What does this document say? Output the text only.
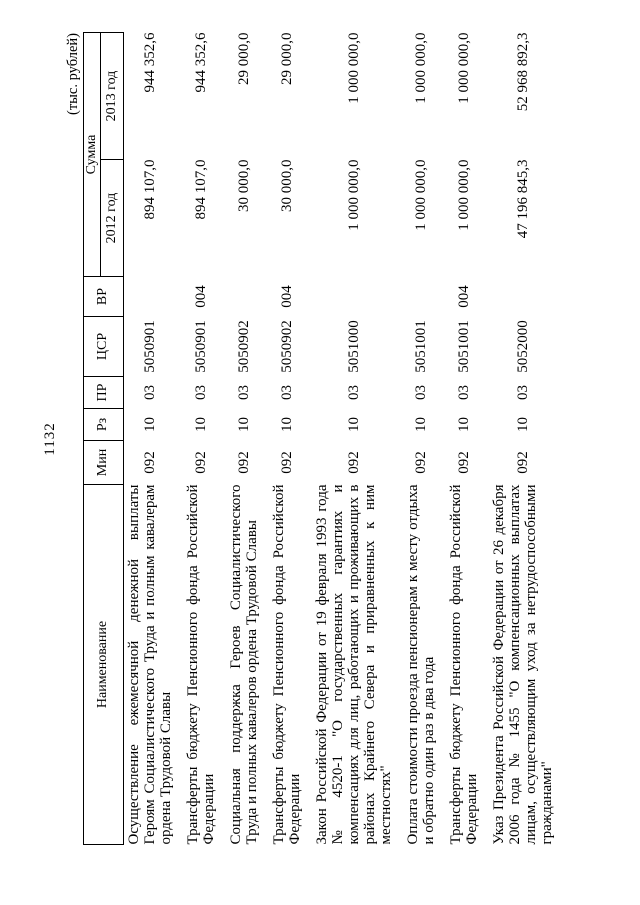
1132
(тыс. рублей)
Наименование	Мин	Рз	ПР	ЦСР	ВР	Сумма	
						2012 год	2013 год
Осуществление ежемесячной денежной выплаты Героям Социалистического Труда и полным кавалерам ордена Трудовой Славы	092	10	03	5050901		894 107,0	944 352,6
Трансферты бюджету Пенсионного фонда Российской Федерации	092	10	03	5050901	004	894 107,0	944 352,6
Социальная поддержка Героев Социалистического Труда и полных кавалеров ордена Трудовой Славы	092	10	03	5050902		30 000,0	29 000,0
Трансферты бюджету Пенсионного фонда Российской Федерации	092	10	03	5050902	004	30 000,0	29 000,0
Закон Российской Федерации от 19 февраля 1993 года № 4520-1 "О государственных гарантиях и компенсациях для лиц, работающих и проживающих в районах Крайнего Севера и приравненных к ним местностях"	092	10	03	5051000		1 000 000,0	1 000 000,0
Оплата стоимости проезда пенсионерам к месту отдыха и обратно один раз в два года	092	10	03	5051001		1 000 000,0	1 000 000,0
Трансферты бюджету Пенсионного фонда Российской Федерации	092	10	03	5051001	004	1 000 000,0	1 000 000,0
Указ Президента Российской Федерации от 26 декабря 2006 года № 1455 "О компенсационных выплатах лицам, осуществляющим уход за нетрудоспособными гражданами"	092	10	03	5052000		47 196 845,3	52 968 892,3
